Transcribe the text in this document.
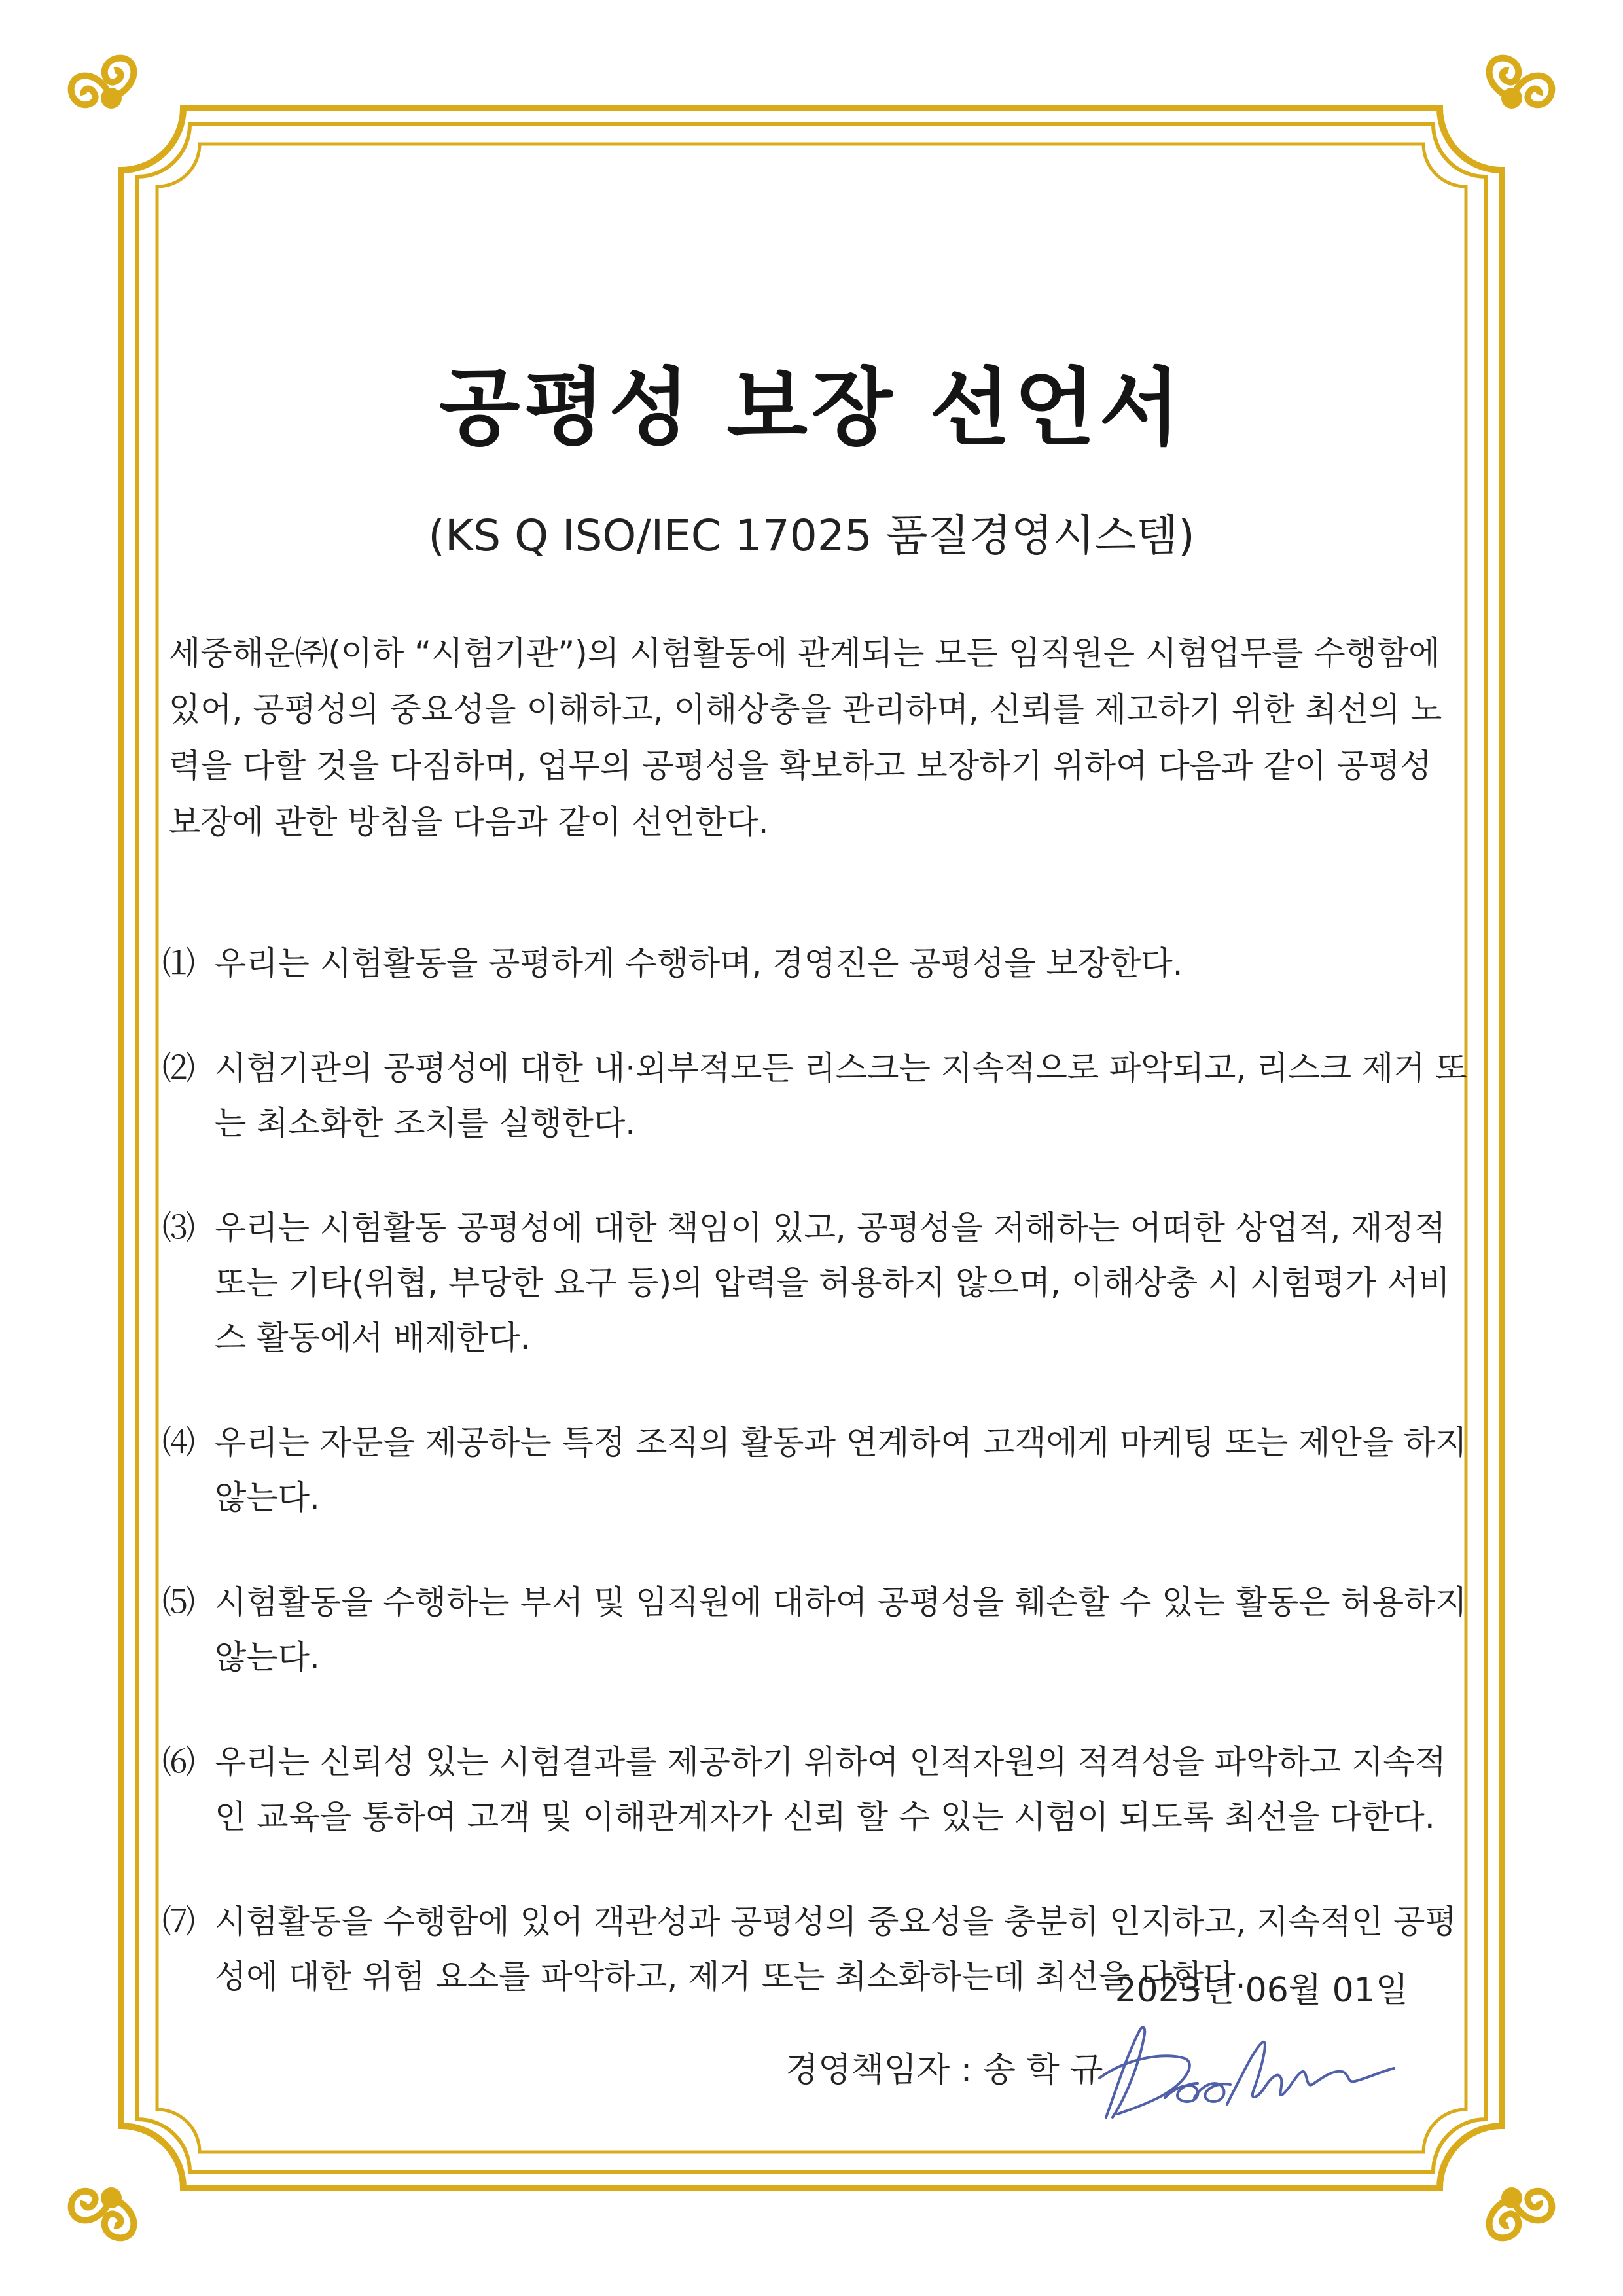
공평성 보장 선언서
(KS Q ISO/IEC 17025 품질경영시스템)

세중해운㈜(이하 “시험기관”)의 시험활동에 관계되는 모든 임직원은 시험업무를 수행함에 있어, 공평성의 중요성을 이해하고, 이해상충을 관리하며, 신뢰를 제고하기 위한 최선의 노력을 다할 것을 다짐하며, 업무의 공평성을 확보하고 보장하기 위하여 다음과 같이 공평성 보장에 관한 방침을 다음과 같이 선언한다.

⑴ 우리는 시험활동을 공평하게 수행하며, 경영진은 공평성을 보장한다.
⑵ 시험기관의 공평성에 대한 내·외부적모든 리스크는 지속적으로 파악되고, 리스크 제거 또는 최소화한 조치를 실행한다.
⑶ 우리는 시험활동 공평성에 대한 책임이 있고, 공평성을 저해하는 어떠한 상업적, 재정적 또는 기타(위협, 부당한 요구 등)의 압력을 허용하지 않으며, 이해상충 시 시험평가 서비스 활동에서 배제한다.
⑷ 우리는 자문을 제공하는 특정 조직의 활동과 연계하여 고객에게 마케팅 또는 제안을 하지 않는다.
⑸ 시험활동을 수행하는 부서 및 임직원에 대하여 공평성을 훼손할 수 있는 활동은 허용하지 않는다.
⑹ 우리는 신뢰성 있는 시험결과를 제공하기 위하여 인적자원의 적격성을 파악하고 지속적인 교육을 통하여 고객 및 이해관계자가 신뢰 할 수 있는 시험이 되도록 최선을 다한다.
⑺ 시험활동을 수행함에 있어 객관성과 공평성의 중요성을 충분히 인지하고, 지속적인 공평성에 대한 위험 요소를 파악하고, 제거 또는 최소화하는데 최선을 다한다.
2023년 06월 01일
경영책임자 : 송 학 규
